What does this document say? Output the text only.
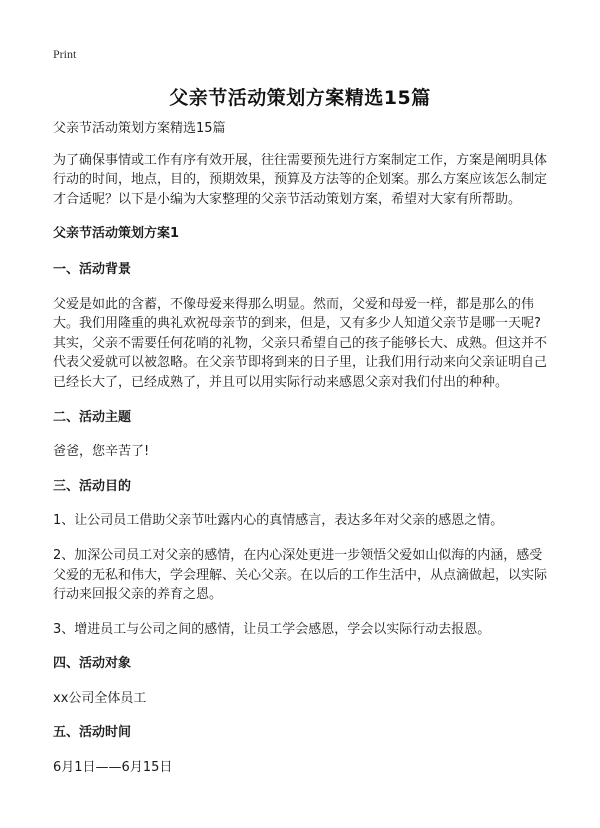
Print
父亲节活动策划方案精选15篇

父亲节活动策划方案精选15篇

为了确保事情或工作有序有效开展，往往需要预先进行方案制定工作，方案是阐明具体行动的时间，地点，目的，预期效果，预算及方法等的企划案。那么方案应该怎么制定才合适呢？以下是小编为大家整理的父亲节活动策划方案，希望对大家有所帮助。

父亲节活动策划方案1

一、活动背景

父爱是如此的含蓄，不像母爱来得那么明显。然而，父爱和母爱一样，都是那么的伟大。我们用隆重的典礼欢祝母亲节的到来，但是，又有多少人知道父亲节是哪一天呢?其实，父亲不需要任何花哨的礼物，父亲只希望自己的孩子能够长大、成熟。但这并不代表父爱就可以被忽略。在父亲节即将到来的日子里，让我们用行动来向父亲证明自己已经长大了，已经成熟了，并且可以用实际行动来感恩父亲对我们付出的种种。

二、活动主题

爸爸，您辛苦了!

三、活动目的

1、让公司员工借助父亲节吐露内心的真情感言，表达多年对父亲的感恩之情。

2、加深公司员工对父亲的感情，在内心深处更进一步领悟父爱如山似海的内涵，感受父爱的无私和伟大，学会理解、关心父亲。在以后的工作生活中，从点滴做起，以实际行动来回报父亲的养育之恩。

3、增进员工与公司之间的感情，让员工学会感恩，学会以实际行动去报恩。

四、活动对象

xx公司全体员工

五、活动时间

6月1日——6月15日
